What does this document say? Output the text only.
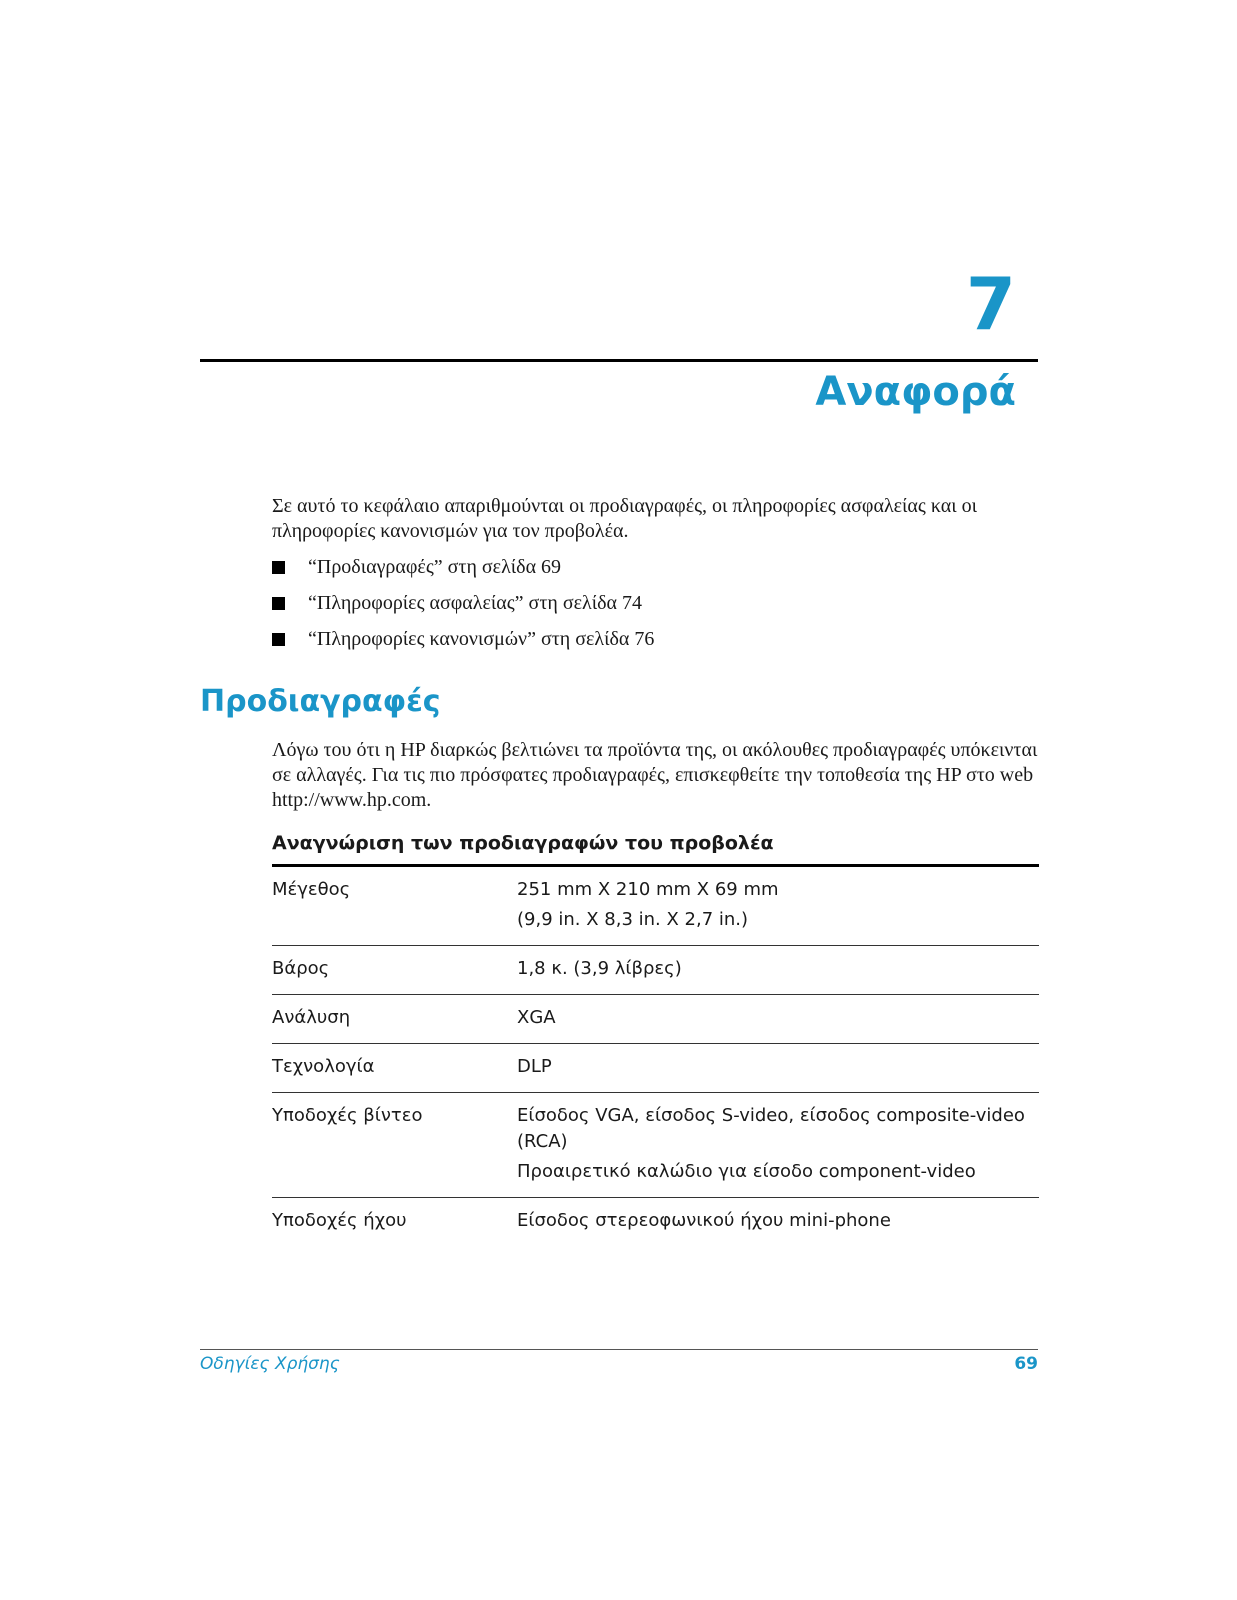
7
Αναφορά

Σε αυτό το κεφάλαιο απαριθμούνται οι προδιαγραφές, οι πληροφορίες ασφαλείας και οι πληροφορίες κανονισμών για τον προβολέα.

“Προδιαγραφές” στη σελίδα 69
“Πληροφορίες ασφαλείας” στη σελίδα 74
“Πληροφορίες κανονισμών” στη σελίδα 76
Προδιαγραφές

Λόγω του ότι η HP διαρκώς βελτιώνει τα προϊόντα της, οι ακόλουθες προδιαγραφές υπόκεινται σε αλλαγές. Για τις πιο πρόσφατες προδιαγραφές, επισκεφθείτε την τοποθεσία της HP στο web http://www.hp.com.

Αναγνώριση των προδιαγραφών του προβολέα
Μέγεθος	251 mm X 210 mm X 69 mm
(9,9 in. X 8,3 in. X 2,7 in.)
Βάρος	1,8 κ. (3,9 λίβρες)
Ανάλυση	XGA
Τεχνολογία	DLP
Υποδοχές βίντεο	Είσοδος VGA, είσοδος S-video, είσοδος composite-video (RCA)
Προαιρετικό καλώδιο για είσοδο component-video
Υποδοχές ήχου	Είσοδος στερεοφωνικού ήχου mini-phone
Οδηγίες Χρήσης	69
